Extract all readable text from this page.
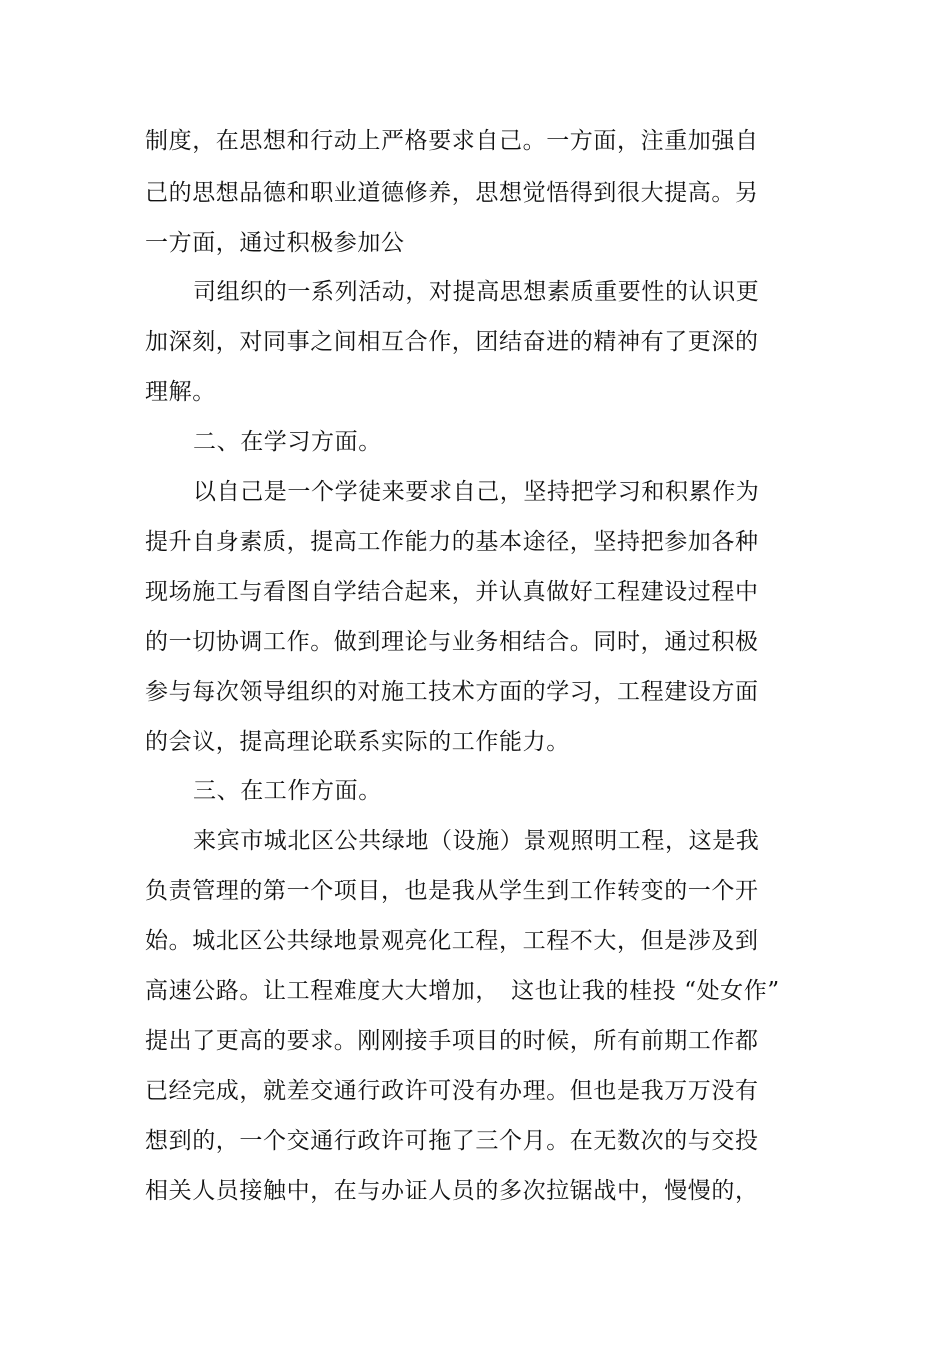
制度，在思想和行动上严格要求自己。一方面，注重加强自
己的思想品德和职业道德修养，思想觉悟得到很大提高。另
一方面，通过积极参加公
司组织的一系列活动，对提高思想素质重要性的认识更
加深刻，对同事之间相互合作，团结奋进的精神有了更深的
理解。
二、在学习方面。
以自己是一个学徒来要求自己，坚持把学习和积累作为
提升自身素质，提高工作能力的基本途径，坚持把参加各种
现场施工与看图自学结合起来，并认真做好工程建设过程中
的一切协调工作。做到理论与业务相结合。同时，通过积极
参与每次领导组织的对施工技术方面的学习，工程建设方面
的会议，提高理论联系实际的工作能力。
三、在工作方面。
来宾市城北区公共绿地（设施）景观照明工程，这是我
负责管理的第一个项目，也是我从学生到工作转变的一个开
始。城北区公共绿地景观亮化工程，工程不大，但是涉及到
高速公路。让工程难度大大增加，　这也让我的桂投 “处女作”
提出了更高的要求。刚刚接手项目的时候，所有前期工作都
已经完成，就差交通行政许可没有办理。但也是我万万没有
想到的，一个交通行政许可拖了三个月。在无数次的与交投
相关人员接触中，在与办证人员的多次拉锯战中，慢慢的，
